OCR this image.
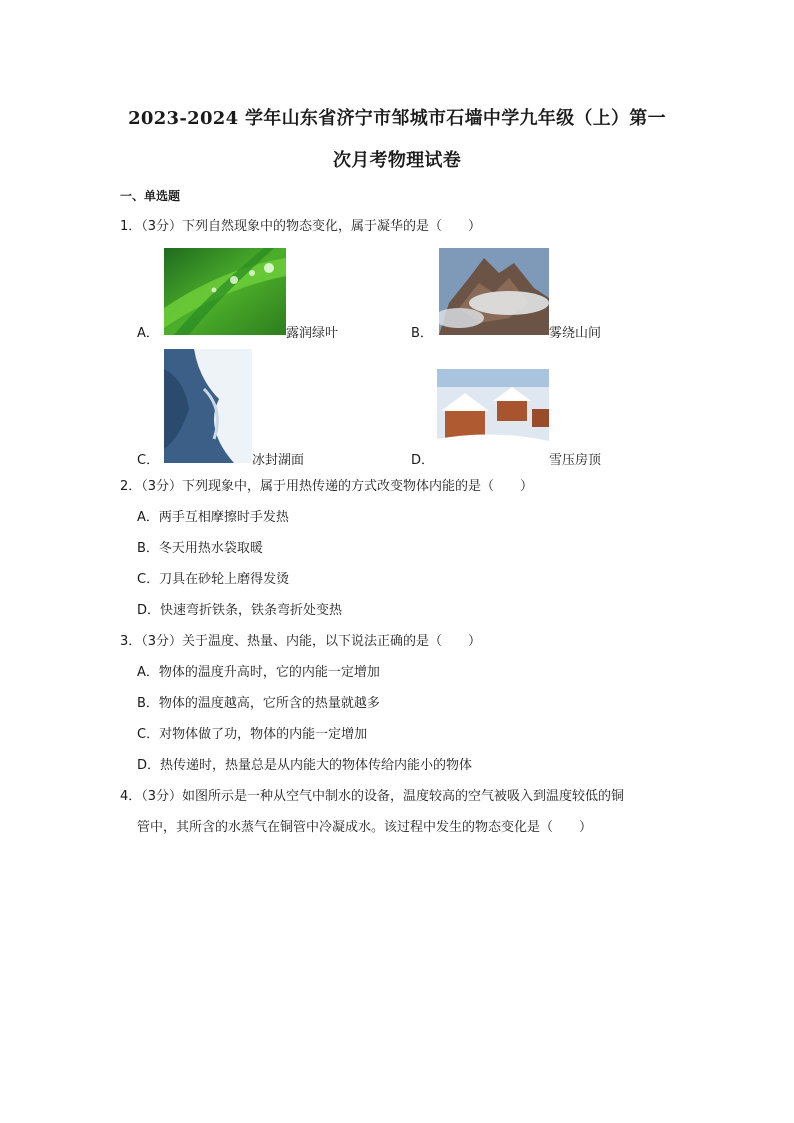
2023-2024 学年山东省济宁市邹城市石墙中学九年级（上）第一
次月考物理试卷
一、单选题
1．（3分）下列自然现象中的物态变化，属于凝华的是（　　）
A．	露润绿叶	B．	雾绕山间
C．	冰封湖面	D．	雪压房顶
2．（3分）下列现象中，属于用热传递的方式改变物体内能的是（　　）
A．两手互相摩擦时手发热
B．冬天用热水袋取暖
C．刀具在砂轮上磨得发烫
D．快速弯折铁条，铁条弯折处变热
3．（3分）关于温度、热量、内能，以下说法正确的是（　　）
A．物体的温度升高时，它的内能一定增加
B．物体的温度越高，它所含的热量就越多
C．对物体做了功，物体的内能一定增加
D．热传递时，热量总是从内能大的物体传给内能小的物体
4．（3分）如图所示是一种从空气中制水的设备，温度较高的空气被吸入到温度较低的铜
管中，其所含的水蒸气在铜管中冷凝成水。该过程中发生的物态变化是（　　）
